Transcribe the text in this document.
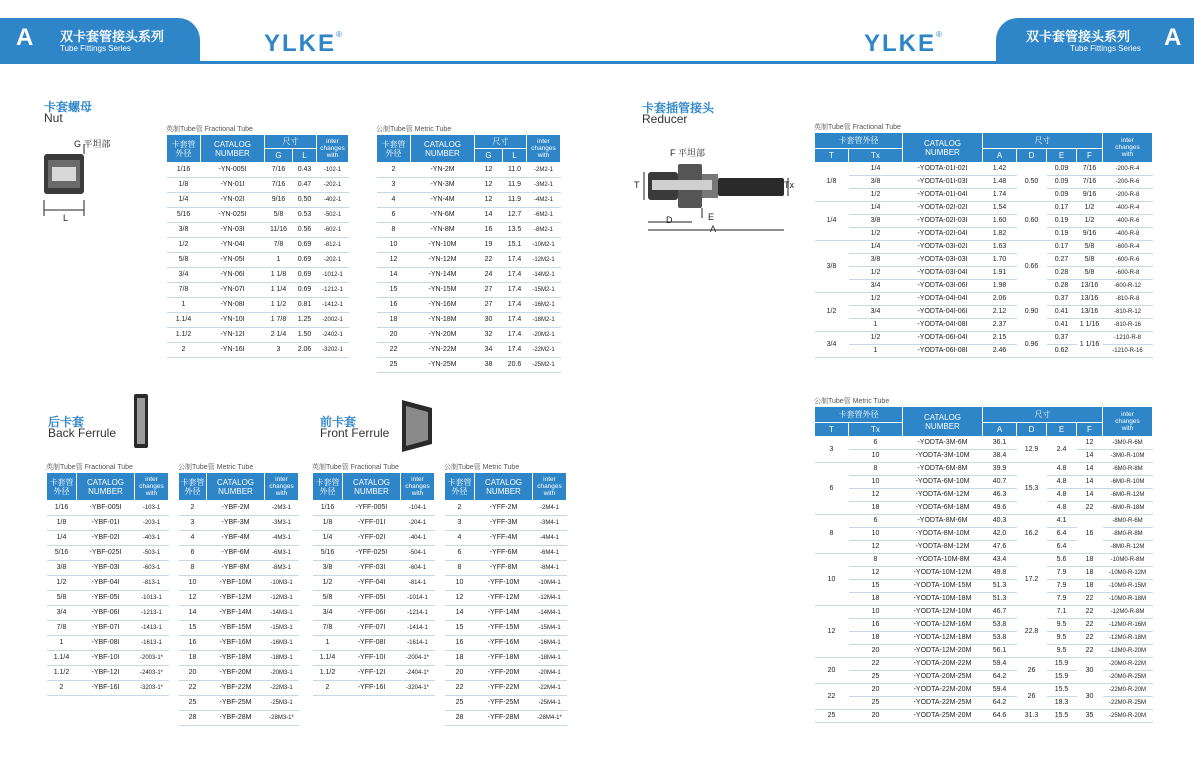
A 双卡套管接头系列
Tube Fittings Series	YLKE®	YLKE®	双卡套管接头系列
Tube Fittings Series A
卡套螺母
Nut
G 平坦部
L
英制Tube管 Fractional Tube
卡套管
外径	CATALOG
NUMBER	尺寸		inter
changes
with
		G	L	
1/16	-YN-005I	7/16	0.43	-102-1
1/8	-YN-01I	7/16	0.47	-202-1
1/4	-YN-02I	9/16	0.50	-402-1
5/16	-YN-025I	5/8	0.53	-502-1
3/8	-YN-03I	11/16	0.56	-602-1
1/2	-YN-04I	7/8	0.69	-812-1
5/8	-YN-05I	1	0.69	-202-1
3/4	-YN-06I	1 1/8	0.69	-1012-1
7/8	-YN-07I	1 1/4	0.69	-1212-1
1	-YN-08I	1 1/2	0.81	-1412-1
1.1/4	-YN-10I	1 7/8	1.25	-2002-1
1.1/2	-YN-12I	2 1/4	1.50	-2402-1
2	-YN-16I	3	2.06	-3202-1
公制Tube管 Metric Tube
卡套管
外径	CATALOG
NUMBER	尺寸		inter
changes
with
		G	L	
2	-YN-2M	12	11.0	-2M2-1
3	-YN-3M	12	11.9	-3M2-1
4	-YN-4M	12	11.9	-4M2-1
6	-YN-6M	14	12.7	-6M2-1
8	-YN-8M	16	13.5	-8M2-1
10	-YN-10M	19	15.1	-10M2-1
12	-YN-12M	22	17.4	-12M2-1
14	-YN-14M	24	17.4	-14M2-1
15	-YN-15M	27	17.4	-15M2-1
16	-YN-16M	27	17.4	-16M2-1
18	-YN-18M	30	17.4	-18M2-1
20	-YN-20M	32	17.4	-20M2-1
22	-YN-22M	34	17.4	-22M2-1
25	-YN-25M	38	20.6	-25M2-1
后卡套
Back Ferrule
英制Tube管 Fractional Tube
卡套管
外径	CATALOG
NUMBER	inter
changes
with
1/16	-YBF-005I	-103-1
1/8	-YBF-01I	-203-1
1/4	-YBF-02I	-403-1
5/16	-YBF-025I	-503-1
3/8	-YBF-03I	-603-1
1/2	-YBF-04I	-813-1
5/8	-YBF-05I	-1013-1
3/4	-YBF-06I	-1213-1
7/8	-YBF-07I	-1413-1
1	-YBF-08I	-1613-1
1.1/4	-YBF-10I	-2003-1*
1.1/2	-YBF-12I	-2403-1*
2	-YBF-16I	-3203-1*
公制Tube管 Metric Tube
卡套管
外径	CATALOG
NUMBER	inter
changes
with
2	-YBF-2M	-2M3-1
3	-YBF-3M	-3M3-1
4	-YBF-4M	-4M3-1
6	-YBF-6M	-6M3-1
8	-YBF-8M	-8M3-1
10	-YBF-10M	-10M3-1
12	-YBF-12M	-12M3-1
14	-YBF-14M	-14M3-1
15	-YBF-15M	-15M3-1
16	-YBF-16M	-16M3-1
18	-YBF-18M	-18M3-1
20	-YBF-20M	-20M3-1
22	-YBF-22M	-22M3-1
25	-YBF-25M	-25M3-1
28	-YBF-28M	-28M3-1*
前卡套
Front Ferrule
英制Tube管 Fractional Tube
卡套管
外径	CATALOG
NUMBER	inter
changes
with
1/16	-YFF-005I	-104-1
1/8	-YFF-01I	-204-1
1/4	-YFF-02I	-404-1
5/16	-YFF-025I	-504-1
3/8	-YFF-03I	-604-1
1/2	-YFF-04I	-814-1
5/8	-YFF-05I	-1014-1
3/4	-YFF-06I	-1214-1
7/8	-YFF-07I	-1414-1
1	-YFF-08I	-1614-1
1.1/4	-YFF-10I	-2004-1*
1.1/2	-YFF-12I	-2404-1*
2	-YFF-16I	-3204-1*
公制Tube管 Metric Tube
卡套管
外径	CATALOG
NUMBER	inter
changes
with
2	-YFF-2M	-2M4-1
3	-YFF-3M	-3M4-1
4	-YFF-4M	-4M4-1
6	-YFF-6M	-6M4-1
8	-YFF-8M	-8M4-1
10	-YFF-10M	-10M4-1
12	-YFF-12M	-12M4-1
14	-YFF-14M	-14M4-1
15	-YFF-15M	-15M4-1
16	-YFF-16M	-16M4-1
18	-YFF-18M	-18M4-1
20	-YFF-20M	-20M4-1
22	-YFF-22M	-22M4-1
25	-YFF-25M	-25M4-1
28	-YFF-28M	-28M4-1*
卡套插管接头
Reducer
F 平坦部
T	Tx
D	E
A
英制Tube管 Fractional Tube
卡套管外径		CATALOG
NUMBER	尺寸				inter
changes
with
T	Tx		A	D	E	F	
1/8	1/4	-YODTA-01I-02I	1.42	0.50	0.09	7/16	-200-R-4
	3/8	-YODTA-01I-03I	1.48		0.09	7/16	-200-R-6
	1/2	-YODTA-01I-04I	1.74		0.09	9/16	-200-R-8
1/4	1/4	-YODTA-02I-02I	1.54	0.60	0.17	1/2	-400-R-4
	3/8	-YODTA-02I-03I	1.60		0.19	1/2	-400-R-6
	1/2	-YODTA-02I-04I	1.82		0.19	9/16	-400-R-8
3/8	1/4	-YODTA-03I-02I	1.63	0.66	0.17	5/8	-600-R-4
	3/8	-YODTA-03I-03I	1.70		0.27	5/8	-600-R-6
	1/2	-YODTA-03I-04I	1.91		0.28	5/8	-600-R-8
	3/4	-YODTA-03I-06I	1.98		0.28	13/16	-600-R-12
1/2	1/2	-YODTA-04I-04I	2.06	0.90	0.37	13/16	-810-R-8
	3/4	-YODTA-04I-06I	2.12		0.41	13/16	-810-R-12
	1	-YODTA-04I-08I	2.37		0.41	1 1/16	-810-R-16
3/4	1/2	-YODTA-06I-04I	2.15	0.96	0.37	1 1/16	-1210-R-8
	1	-YODTA-06I-08I	2.46		0.62		-1210-R-16
公制Tube管 Metric Tube
卡套管外径		CATALOG
NUMBER	尺寸				inter
changes
with
T	Tx		A	D	E	F	
3	6	-YODTA-3M-6M	36.1	12.9	2.4	12	-3M0-R-6M
	10	-YODTA-3M-10M	38.4			14	-3M0-R-10M
6	8	-YODTA-6M-8M	39.9	15.3	4.8	14	-6M0-R-8M
	10	-YODTA-6M-10M	40.7		4.8	14	-6M0-R-10M
	12	-YODTA-6M-12M	46.3		4.8	14	-6M0-R-12M
	18	-YODTA-6M-18M	49.6		4.8	22	-6M0-R-18M
8	6	-YODTA-8M-6M	40.3	16.2	4.1	16	-8M0-R-6M
	10	-YODTA-8M-10M	42.0		6.4		-8M0-R-8M
	12	-YODTA-8M-12M	47.6		6.4		-8M0-R-12M
10	8	-YODTA-10M-8M	43.4	17.2	5.6	18	-10M0-R-8M
	12	-YODTA-10M-12M	49.8		7.9	18	-10M0-R-12M
	15	-YODTA-10M-15M	51.3		7.9	18	-10M0-R-15M
	18	-YODTA-10M-18M	51.3		7.9	22	-10M0-R-18M
12	10	-YODTA-12M-10M	46.7	22.8	7.1	22	-12M0-R-8M
	16	-YODTA-12M-16M	53.8		9.5	22	-12M0-R-16M
	18	-YODTA-12M-18M	53.8		9.5	22	-12M0-R-18M
	20	-YODTA-12M-20M	56.1		9.5	22	-12M0-R-20M
20	22	-YODTA-20M-22M	59.4	26	15.9	30	-20M0-R-22M
	25	-YODTA-20M-25M	64.2		15.9		-20M0-R-25M
22	20	-YODTA-22M-20M	59.4	26	15.5	30	-22M0-R-20M
	25	-YODTA-22M-25M	64.2		18.3		-22M0-R-25M
25	20	-YODTA-25M-20M	64.6	31.3	15.5	35	-25M0-R-20M
